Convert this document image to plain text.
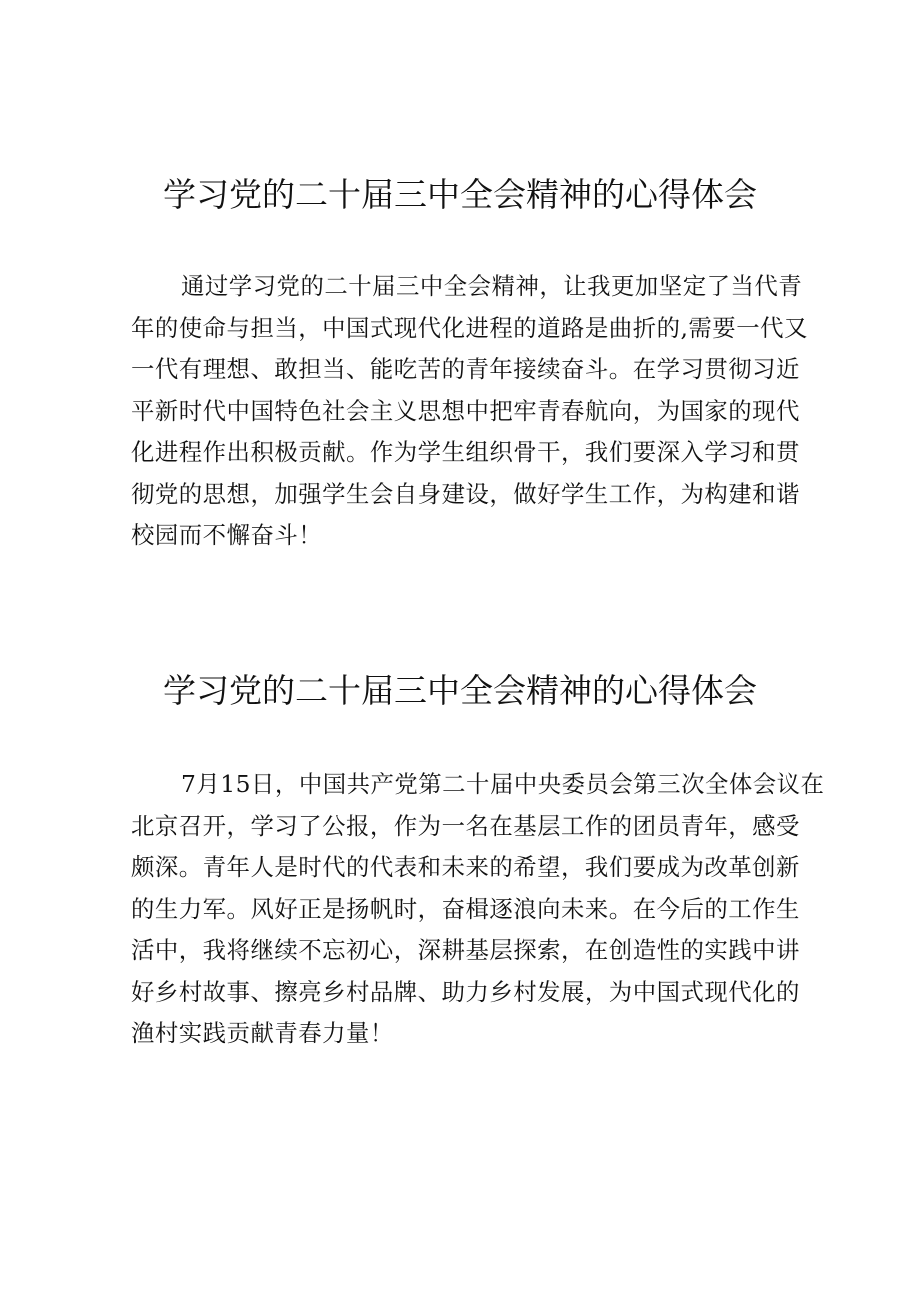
学习党的二十届三中全会精神的心得体会
通过学习党的二十届三中全会精神，让我更加坚定了当代青
年的使命与担当，中国式现代化进程的道路是曲折的,需要一代又
一代有理想、敢担当、能吃苦的青年接续奋斗。在学习贯彻习近
平新时代中国特色社会主义思想中把牢青春航向，为国家的现代
化进程作出积极贡献。作为学生组织骨干，我们要深入学习和贯
彻党的思想，加强学生会自身建设，做好学生工作，为构建和谐
校园而不懈奋斗！
学习党的二十届三中全会精神的心得体会
7月15日，中国共产党第二十届中央委员会第三次全体会议在
北京召开，学习了公报，作为一名在基层工作的团员青年，感受
颇深。青年人是时代的代表和未来的希望，我们要成为改革创新
的生力军。风好正是扬帆时，奋楫逐浪向未来。在今后的工作生
活中，我将继续不忘初心，深耕基层探索，在创造性的实践中讲
好乡村故事、擦亮乡村品牌、助力乡村发展，为中国式现代化的
渔村实践贡献青春力量！
